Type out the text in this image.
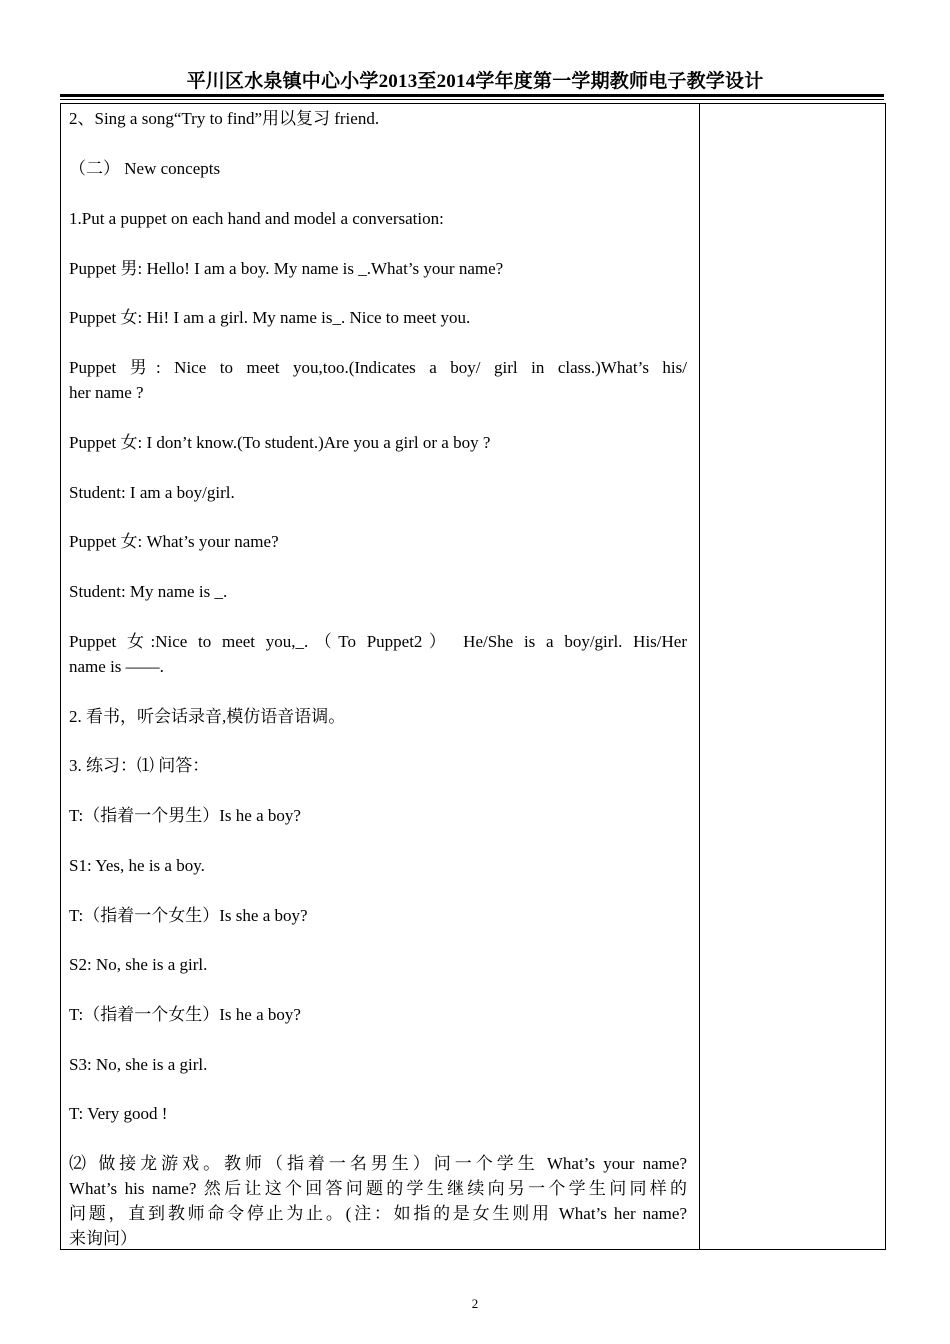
平川区水泉镇中心小学2013至2014学年度第一学期教师电子教学设计
2、Sing a song“Try to find”用以复习 friend.
（二） New concepts
1.Put a puppet on each hand and model a conversation:
Puppet 男: Hello! I am a boy. My name is _.What’s your name?
Puppet 女: Hi! I am a girl. My name is_. Nice to meet you.
Puppet 男: Nice to meet you,too.(Indicates a boy/ girl in class.)What’s his/
her name ?
Puppet 女: I don’t know.(To student.)Are you a girl or a boy ?
Student: I am a boy/girl.
Puppet 女: What’s your name?
Student: My name is _.
Puppet 女:Nice to meet you,_.（To Puppet2） He/She is a boy/girl. His/Her
name is ——.
2. 看书，听会话录音,模仿语音语调。
3. 练习：⑴ 问答：
T:（指着一个男生）Is he a boy?
S1: Yes, he is a boy.
T:（指着一个女生）Is she a boy?
S2: No, she is a girl.
T:（指着一个女生）Is he a boy?
S3: No, she is a girl.
T: Very good !
⑵ 做接龙游戏。教师（指着一名男生）问一个学生 What’s your name?
What’s his name? 然后让这个回答问题的学生继续向另一个学生问同样的
问题，直到教师命令停止为止。(注：如指的是女生则用 What’s her name?
来询问）
2
